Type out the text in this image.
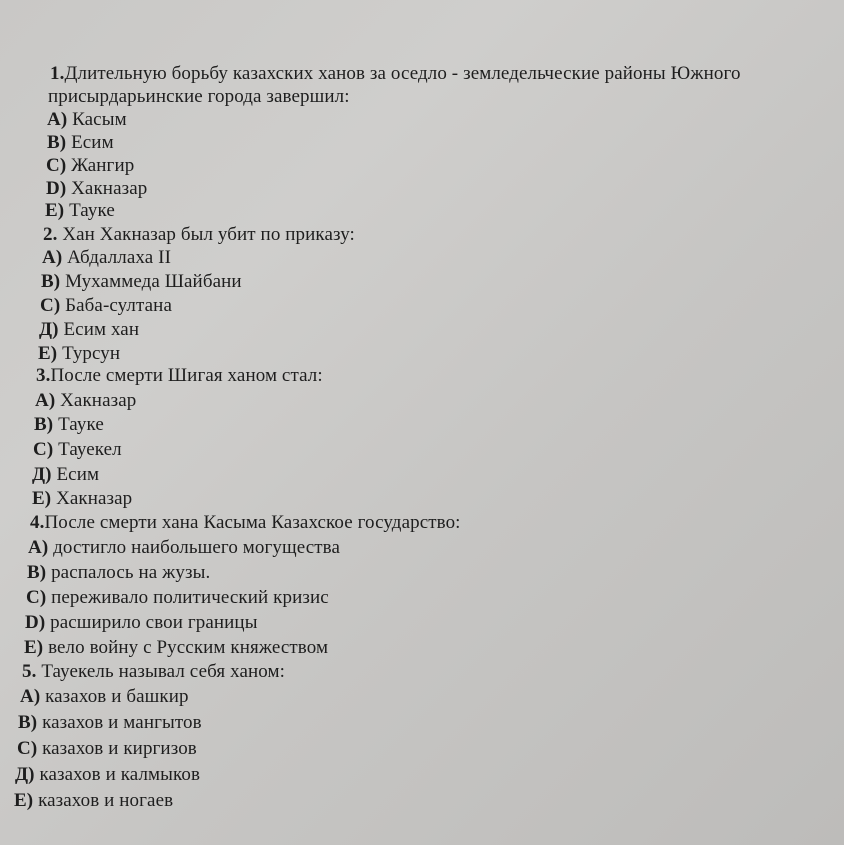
1.Длительную борьбу казахских ханов за оседло - земледельческие районы Южного
присырдарьинские города завершил:
А) Касым
В) Есим
С) Жангир
D) Хакназар
Е) Тауке
2. Хан Хакназар был убит по приказу:
А) Абдаллаха II
В) Мухаммеда Шайбани
С) Баба-султана
Д) Есим хан
Е) Турсун
3.После смерти Шигая ханом стал:
А) Хакназар
В) Тауке
С) Тауекел
Д) Есим
Е) Хакназар
4.После смерти хана Касыма Казахское государство:
А) достигло наибольшего могущества
В) распалось на жузы.
С) переживало политический кризис
D) расширило свои границы
Е) вело войну с Русским княжеством
5. Тауекель называл себя ханом:
А) казахов и башкир
В) казахов и мангытов
С) казахов и киргизов
Д) казахов и калмыков
Е) казахов и ногаев
